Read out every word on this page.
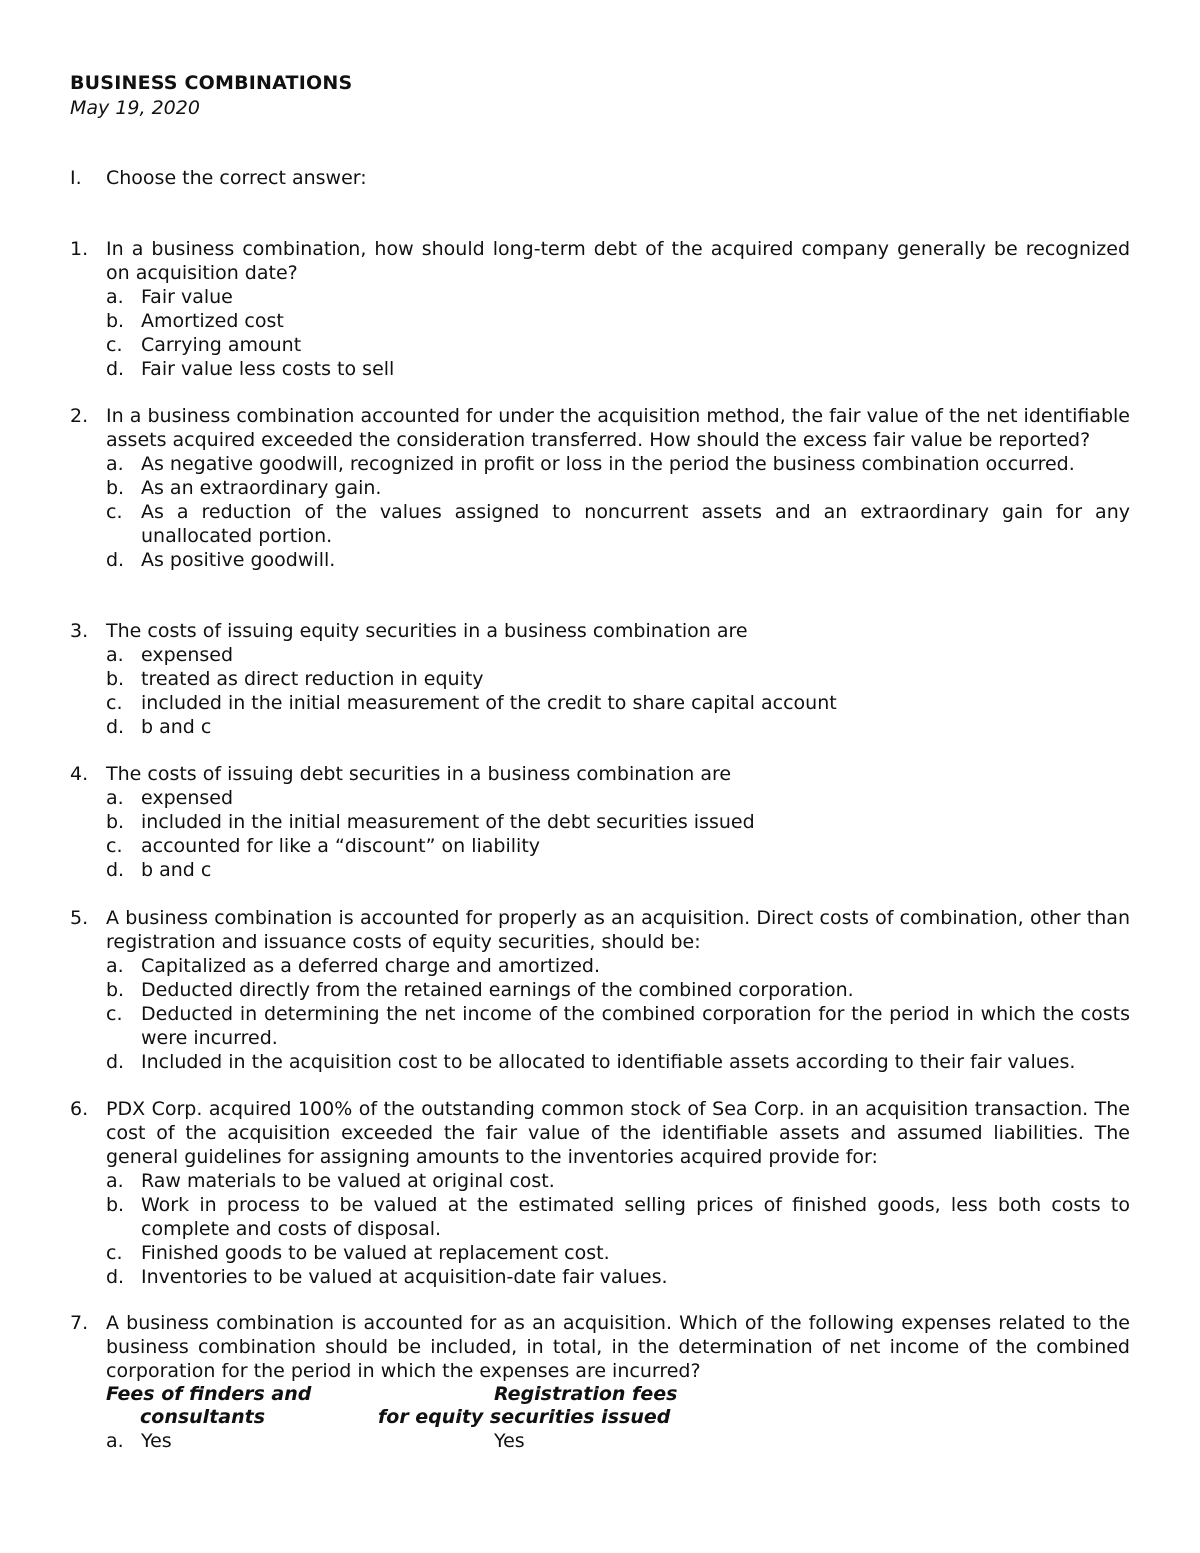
BUSINESS COMBINATIONS
May 19, 2020
I. Choose the correct answer:
1. In a business combination, how should long-term debt of the acquired company generally be recognized on acquisition date?
a. Fair value
b. Amortized cost
c. Carrying amount
d. Fair value less costs to sell
2. In a business combination accounted for under the acquisition method, the fair value of the net identifiable assets acquired exceeded the consideration transferred. How should the excess fair value be reported?
a. As negative goodwill, recognized in profit or loss in the period the business combination occurred.
b. As an extraordinary gain.
c. As a reduction of the values assigned to noncurrent assets and an extraordinary gain for any unallocated portion.
d. As positive goodwill.
3. The costs of issuing equity securities in a business combination are
a. expensed
b. treated as direct reduction in equity
c. included in the initial measurement of the credit to share capital account
d. b and c
4. The costs of issuing debt securities in a business combination are
a. expensed
b. included in the initial measurement of the debt securities issued
c. accounted for like a “discount” on liability
d. b and c
5. A business combination is accounted for properly as an acquisition. Direct costs of combination, other than registration and issuance costs of equity securities, should be:
a. Capitalized as a deferred charge and amortized.
b. Deducted directly from the retained earnings of the combined corporation.
c. Deducted in determining the net income of the combined corporation for the period in which the costs were incurred.
d. Included in the acquisition cost to be allocated to identifiable assets according to their fair values.
6. PDX Corp. acquired 100% of the outstanding common stock of Sea Corp. in an acquisition transaction. The cost of the acquisition exceeded the fair value of the identifiable assets and assumed liabilities. The general guidelines for assigning amounts to the inventories acquired provide for:
a. Raw materials to be valued at original cost.
b. Work in process to be valued at the estimated selling prices of finished goods, less both costs to complete and costs of disposal.
c. Finished goods to be valued at replacement cost.
d. Inventories to be valued at acquisition-date fair values.
7. A business combination is accounted for as an acquisition. Which of the following expenses related to the business combination should be included, in total, in the determination of net income of the combined corporation for the period in which the expenses are incurred?
Fees of finders and
consultants
Registration fees
for equity securities issued
a. Yes	Yes
